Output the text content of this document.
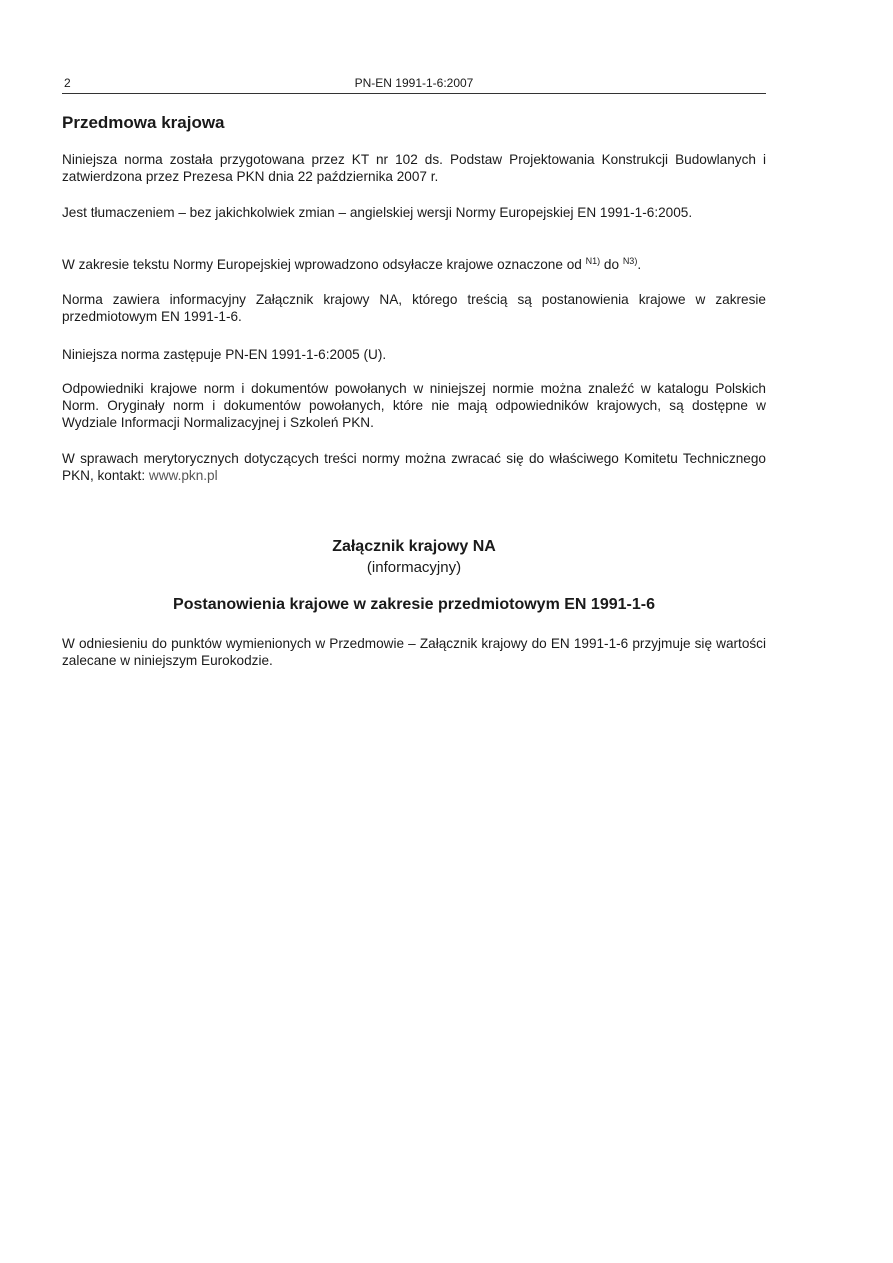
2	PN-EN 1991-1-6:2007
Przedmowa krajowa

Niniejsza norma została przygotowana przez KT nr 102 ds. Podstaw Projektowania Konstrukcji Budowlanych i zatwierdzona przez Prezesa PKN dnia 22 października 2007 r.

Jest tłumaczeniem – bez jakichkolwiek zmian – angielskiej wersji Normy Europejskiej EN 1991-1-6:2005.

W zakresie tekstu Normy Europejskiej wprowadzono odsyłacze krajowe oznaczone od $^{N1)}$ do $^{N3)}$.

Norma zawiera informacyjny Załącznik krajowy NA, którego treścią są postanowienia krajowe w zakresie przedmiotowym EN 1991-1-6.

Niniejsza norma zastępuje PN-EN 1991-1-6:2005 (U).

Odpowiedniki krajowe norm i dokumentów powołanych w niniejszej normie można znaleźć w katalogu Polskich Norm. Oryginały norm i dokumentów powołanych, które nie mają odpowiedników krajowych, są dostępne w Wydziale Informacji Normalizacyjnej i Szkoleń PKN.

W sprawach merytorycznych dotyczących treści normy można zwracać się do właściwego Komitetu Technicznego PKN, kontakt: www.pkn.pl

Załącznik krajowy NA
(informacyjny)
Postanowienia krajowe w zakresie przedmiotowym EN 1991-1-6

W odniesieniu do punktów wymienionych w Przedmowie – Załącznik krajowy do EN 1991-1-6 przyjmuje się wartości zalecane w niniejszym Eurokodzie.
